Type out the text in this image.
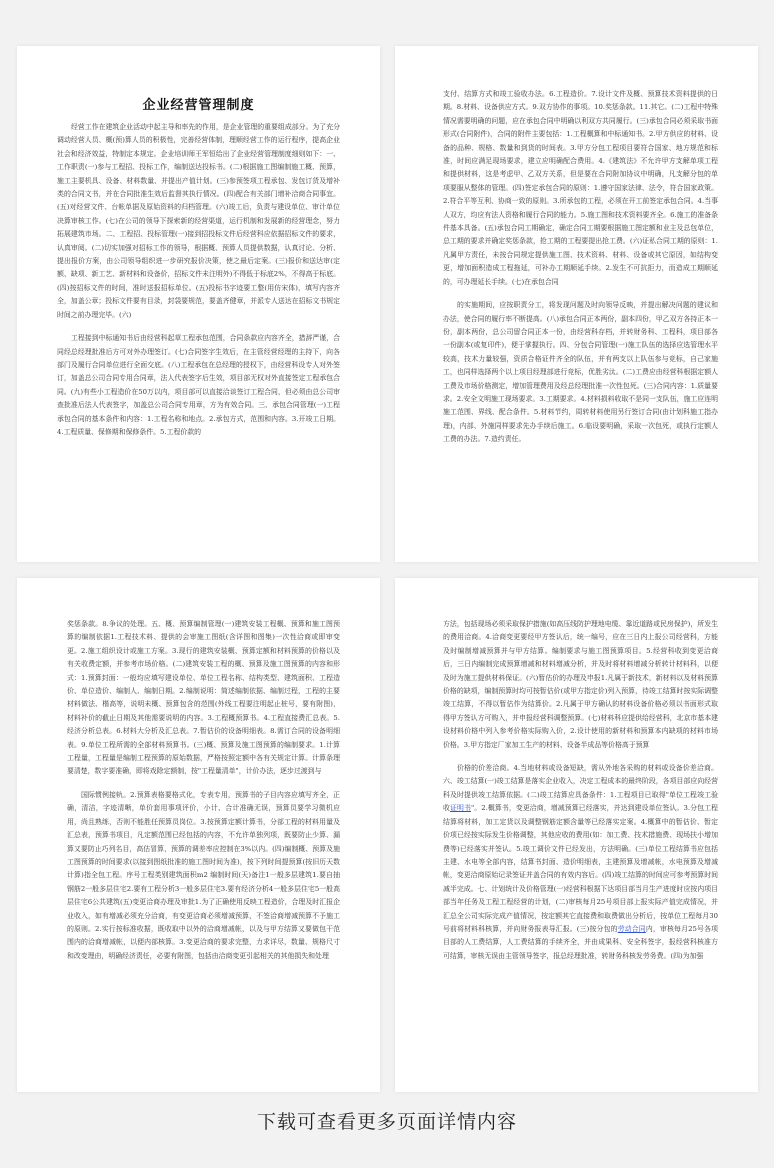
企业经营管理制度

经营工作在建筑企业活动中起主导和率先的作用，是企业管理的重要组成部分。为了充分调动经营人员、概(预)算人员的积极性，完善经营体制，理顺经营工作的运行程序，提高企业社会和经济效益，特制定本规定。企业培训师王军恒给出了企业经营管理制度细则如下：一、工作职责(一)参与工程招、投标工作，编制送达投标书。(二)根据施工图编制施工概、预算，施工主要机具、设备、材料数量、并提出产值计划。(三)参预签项工程承包、发包订货及增补类的合同文书，并在合同批准生效后监督其执行情况。(四)配合有关部门增补洽商合同事宜。(五)对经营文件、台帐单据及原始资料的归档管理。(六)竣工后，负责与建设单位、审计单位决算审核工作。(七)在公司的领导下探索新的经营渠道，运行机制和发展新的经营理念，努力拓展建筑市场。二、工程招、投标管理(一)接到招投标文件后经营科应依据招标文件的要求，认真审阅。(二)切实加强对招标工作的领导，根据概、预算人员提供数据，认真讨论、分析、提出报价方案，由公司领导组织进一步研究报价决策，使之最后定案。(三)报价和送达审(定额、缺项、新工艺、新材料和设备价，招标文件未注明外)不得低于标底2%，不得高于标底。(四)按招标文件的时间，准时送报招标单位。(五)投标书字迹要工整(用仿宋体)，填写内容齐全，加盖公章；投标文件要有目录，封袋要规范，要盖齐健章，并派专人送达在招标文书规定时间之前办理完毕。(六)

工程接到中标通知书后由经营科起草工程承包范围，合同条款应内容齐全，措辞严谨，合同经总经理批准后方可对外办理签订。(七)合同签字生效后，在主管经营经理的主持下，向各部门及履行合同单位进行全面交底。(八)工程承包在总经理的授权下，由经营科设专人对外签订，加盖总公司合同专用合同章，法人代表签字后生效，项目部无权对外直接签定工程承包合同。(九)有些小工程造价在50万以内，项目部可以直接洽谈签订工程合同，但必须由总公司审查批准后法人代表签字，加盖总公司合同专用章，方为有效合同。三、承包合同管理(一)工程承包合同的基本条件和内容：1.工程名称和地点。2.承包方式，范围和内容。3.开竣工日期。4.工程质量、保修期和保修条件。5.工程价款的

支付、结算方式和竣工验收办法。6.工程造价。7.设计文件及概、预算技术资料提供的日期。8.材料、设备供应方式。9.双方协作的事项。10.奖惩条款。11.其它。(二)工程中特殊情况需要明确的问题，应在承包合同中明确以利双方共同履行。(三)承包合同必须采取书面形式(合同附件)，合同的附件主要包括：1.工程概算和中标通知书。2.甲方供应的材料、设备的品种、规格、数量和到货的时间表。3.甲方分包工程项目要符合国家、地方规范和标准，时间应满足现场要求，建立应明确配合费用。4.《建筑法》不允许甲方支解单项工程和提供材料，这是考虑甲、乙双方关系，但是要在合同附加协议中明确，凡支解分包的单项要服从整体的管理。(四)签定承包合同的原则：1.遵守国家法律、法令，符合国家政策。2.符合平等互利、协商一致的原则。3.所承包的工程，必须在开工前签定承包合同。4.当事人双方，均应有法人资格和履行合同的能力。5.施工图和技术资料要齐全。6.施工的准备条件基本具备。(五)承包合同工期确定，确定合同工期要根据施工图定额和业主及总包单位，总工期的要求并确定奖惩条款，抢工期的工程要提出抢工费。(六)证私合同工期的原则：1.凡属甲方责任，未按合同规定提供施工图、技术资料、材料、设备或其它原因，如结构变更，增加面积造成工程拖延，可补办工期顺延手续。2.发生不可抗拒力，而造成工期顺延的，可办理延长手续。(七)在承包合同

的实施期间，应按职责分工，将发现问题及时向领导反映，并提出解决问题的建议和办法，使合同的履行率不断提高。(八)承包合同正本两份，副本四份，甲乙双方各持正本一份，副本两份，总公司留合同正本一份，由经营科存档，并转财务科、工程科，项目部各一份副本(或复印件)，便于掌握执行。四、分包合同管理(一)施工队伍的选择应选管理水平较高，技术力量较强，资质合格证件齐全的队伍，并有两支以上队伍参与竞标，自己家施工，也同样选择两个以上项目经理部进行竞标，优胜劣汰。(二)工费应由经营科根据定额人工费及市场价格测定，增加管理费用及经总经理批准一次性包死。(三)合同内容：1.质量要求。2.安全文明施工现场要求。3.工期要求。4.材料损料收取不是同一支队伍，施工应连明施工范围、界线、配合条件。5.材料节约，周转材料使用另行签订合同(由计划科施工指办理)，内部、外施同样要求先办手续后施工。6.临设要明确，采取一次包死，或执行定额人工费的办法。7.造约责任。

奖惩条款。8.争议的处理。五、概、预算编制管理(一)建筑安装工程概、预算和施工图预算的编制依据1.工程技术料、提供的会审施工图纸(含详图和图集)一次性洽商或即审变更。2.施工组织设计或施工方案。3.现行的建筑安装概、预算定额和材料预算的价格以及有关收费定额，并参考市场价格。(二)建筑安装工程的概、预算及施工图预算的内容和形式：1.预算封面：一般均应填写建设单位、单位工程名称、结构类型、建筑面积、工程造价、单位造价、编制人、编制日期。2.编制说明：简述编制依据、编制过程，工程的主要材料做法、楷高等，说明未概、预算包含的范围(外线工程要注明起止桩号，要有附图)，材料补价的截止日期及其他需要说明的内容。3.工程概预算书。4.工程直接费汇总表。5.经济分析总表。6.材料大分析及汇总表。7.暂估价的设备明细表。8.需订合同的设备明细表。9.单位工程所需的全部材料预算书。(三)概、预算及施工图预算的编制要求。1.计算工程量，工程量是编制工程预算的原始数据，严格按照定额中各有关规定计算。计算条理要清楚，数字要准确，即将戏除定额制，按"工程量清单"，计价办法，逐步过渡到与

国际惯例接轨。2.预算表格要格式化，专表专用，预算书的子目内容应填写齐全，正确，清洁，字迹清晰，单价套用事项评价，小计、合计准确无误，预算员要学习微机应用，尚且熟练，否则不能胜任预算员岗位。3.按预算定额计算书，分部工程的材料用量及汇总表，预算书项目，凡定额范围已经包括的内容，不允许单独列项，既要防止少算、漏算又要防止巧列名目，高估冒算，预算的调差率应控制在3%以内。(四)编制概、预算及施工图预算的时间要求(以接到图纸批准的施工图时间为准)，按下列时间提预算(按旧历天数计算)指全包工程。序号工程类别建筑面积m2 编制时间(天)备注1一般多层建筑1.要自抽钢筋2一般多层住宅2.要有工程分析3一般多层住宅3.要有经济分析4一般多层住宅5一般高层住宅6公共建筑(五)变更洽商办理及审批1.为了正确使用反映工程造价，合理及时汇报企业收入，如有增减必须充分洽商，有变更洽商必须增减预算，不签洽商增减预算不予施工的原则。2.实行按标准收据，既收取中以外的洽商增减帐，以及与甲方结算又要做包干范围内的洽商增减帐，以便内部核算。3.变更洽商的要求完整，力求详尽，数量、规格尺寸和改变理由，明确经济责任，必要有附图，包括由洽商变更引起相关的其他损失和处理

方法，包括现场必须采取保护措施(如高压线防护理地电缆、靠近道路或民房保护)，所发生的费用洽商。4.洽商变更要经甲方签认后，统一编号，应在三日内上报公司经营科，方能及时编制增减预算并与甲方结算。编制要求与施工图预算项目。5.经营科收到变更洽商后，三日内编制完成预算增减和材料增减分析，并及时将材料增减分析转计材料科，以便及时为施工提供材料保证。(六)暂估价的办理及申报1.凡属于新技术，新材料以及材料预算价格的缺项，编制预算时均可按暂估价(或甲方指定价)列入预算，待竣工结算时按实际调整竣工结算，不得以暂估作为结算价。2.凡属于甲方确认的材料设备价格必须以书面形式取得甲方签认方可购入，并申报经营科调整预算。(七)材料科应提供给经营科，北京市基本建设材料价格中列入参考价格实际购入价，2.设计使用的新材料和预算本内缺项的材料市场价格。3.甲方指定厂家加工生产的材料、设备半成品等价格高于预算

价格的价差洽商。4.当地材料或设备短缺，需从外地各采购的材料或设备价差洽商。六、竣工结算(一)竣工结算是落实企业收入，决定工程成本的最终阶段，各项目部应向经营科及时提供竣工结算依据。(二)竣工结算应具备条件：1.工程项目已取得"单位工程竣工验收证明书"。2.概算书，变更洽商，增减预算已经落实，并达到建设单位签认。3.分包工程结算将材料，加工定货以及调整钢筋定额含量等已经落实定案。4.概算中的暂估价、暂定价项已经按实际发生价格调整，其他应收的费用(如：加工费、技术措施费、现场扶小增加费等)已经落实并签认。5.竣工调价文件已经发出，方法明确。(三)单位工程结算书应包括主建、水电等全部内容，结算书封面、造价明细表，主建预算及增减帐，水电预算及增减帐，变更洽商原始记录签证并盖合同的有效内容后。(四)竣工结算的时间应可参考预算时间减半完成。七、计划统计及价格管理(一)经营科根据下达项目部当月生产进度时应按内项目部当年任务及工程工程经营的计划，(二)审核每月25号项目部上报实际产值完成情况，并汇总全公司实际完成产值情况，按定额其它直接费和取费做出分析后，按单位工程每月30号前将材料科核算，并向财务报表导汇报。(三)按分包的劳动合同内，审核每月25号各项目部的人工费结算，人工费结算的手续齐全，并由成果科、安全科签字，报经营科核准方可结算，审核无误由主管领导签字，报总经理批准，转财务科核发劳务费。(四)为加强

下载可查看更多页面详情内容
